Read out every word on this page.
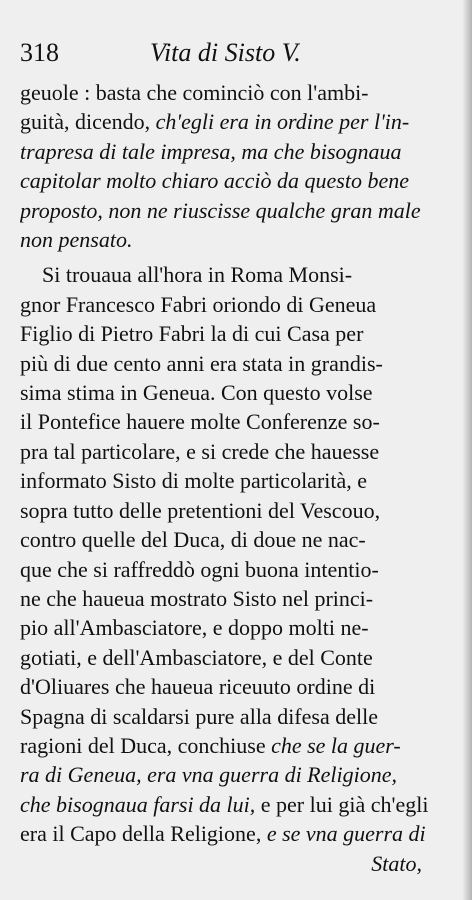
318	Vita di Sisto V.
geuole : basta che cominciò con l'ambi-
guità, dicendo, ch'egli era in ordine per l'in-
trapresa di tale impresa, ma che bisognaua
capitolar molto chiaro acciò da questo bene
proposto, non ne riuscisse qualche gran male
non pensato.
Si trouaua all'hora in Roma Monsi-
gnor Francesco Fabri oriondo di Geneua
Figlio di Pietro Fabri la di cui Casa per
più di due cento anni era stata in grandis-
sima stima in Geneua. Con questo volse
il Pontefice hauere molte Conferenze so-
pra tal particolare, e si crede che hauesse
informato Sisto di molte particolarità, e
sopra tutto delle pretentioni del Vescouo,
contro quelle del Duca, di doue ne nac-
que che si raffreddò ogni buona intentio-
ne che haueua mostrato Sisto nel princi-
pio all'Ambasciatore, e doppo molti ne-
gotiati, e dell'Ambasciatore, e del Conte
d'Oliuares che haueua riceuuto ordine di
Spagna di scaldarsi pure alla difesa delle
ragioni del Duca, conchiuse che se la guer-
ra di Geneua, era vna guerra di Religione,
che bisognaua farsi da lui, e per lui già ch'egli
era il Capo della Religione, e se vna guerra di
Stato,
